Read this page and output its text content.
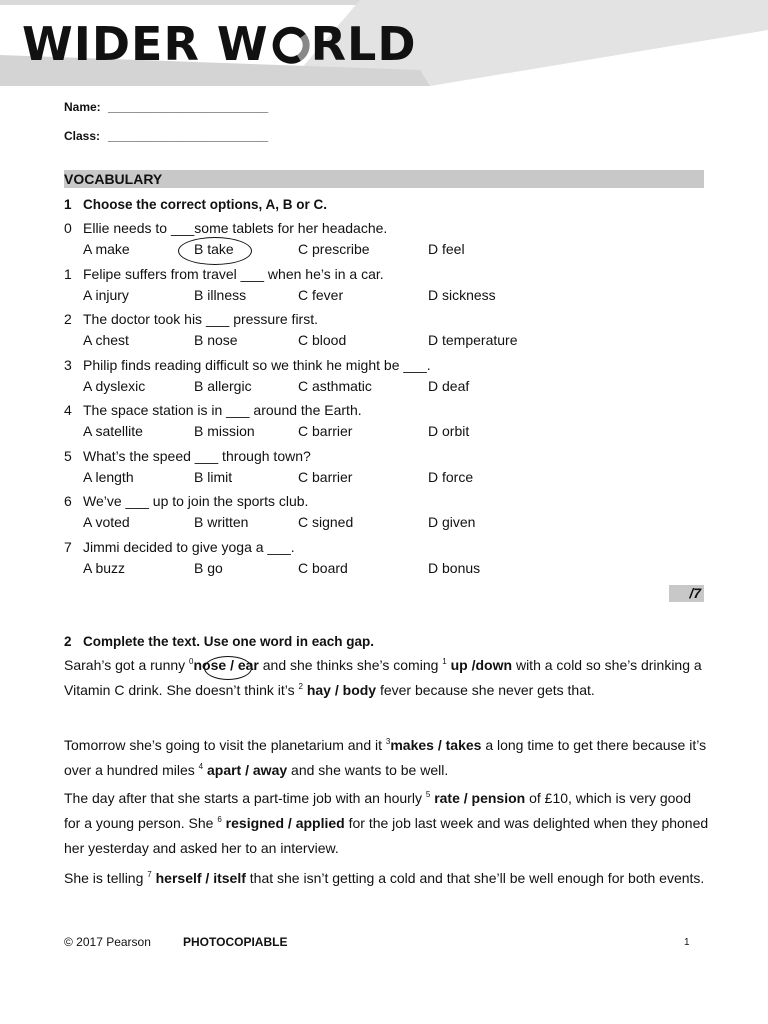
WIDER W RLD
Name: ________________________
Class: ________________________
VOCABULARY
1 Choose the correct options, A, B or C.
0 Ellie needs to ___some tablets for her headache.
A make	B take	C prescribe	D feel
1 Felipe suffers from travel ___ when he’s in a car.
A injury	B illness	C fever	D sickness
2 The doctor took his ___ pressure first.
A chest	B nose	C blood	D temperature
3 Philip finds reading difficult so we think he might be ___.
A dyslexic	B allergic	C asthmatic	D deaf
4 The space station is in ___ around the Earth.
A satellite	B mission	C barrier	D orbit
5 What’s the speed ___ through town?
A length	B limit	C barrier	D force
6 We’ve ___ up to join the sports club.
A voted	B written	C signed	D given
7 Jimmi decided to give yoga a ___.
A buzz	B go	C board	D bonus
/7
2 Complete the text. Use one word in each gap.
Sarah’s got a runny $^0$nose / ear and she thinks she’s coming $^1$ up /down with a cold so she’s drinking a Vitamin C drink. She doesn’t think it’s $^2$ hay / body fever because she never gets that.
Tomorrow she’s going to visit the planetarium and it $^3$makes / takes a long time to get there because it’s over a hundred miles $^4$ apart / away and she wants to be well.
The day after that she starts a part-time job with an hourly $^5$ rate / pension of £10, which is very good for a young person. She $^6$ resigned / applied for the job last week and was delighted when they phoned her yesterday and asked her to an interview.
She is telling $^7$ herself / itself that she isn’t getting a cold and that she’ll be well enough for both events.
© 2017 Pearson	PHOTOCOPIABLE	1
